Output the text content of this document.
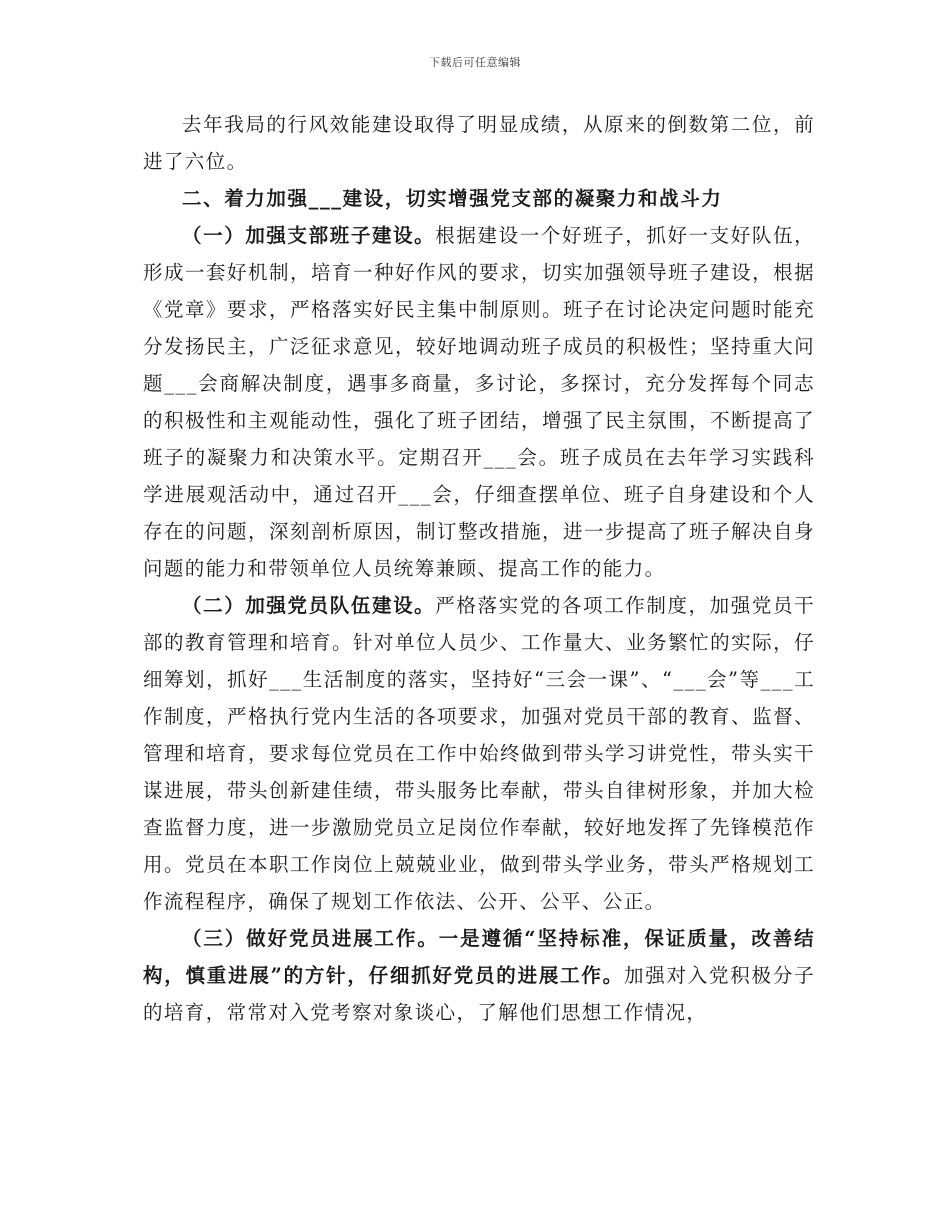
下载后可任意编辑

去年我局的行风效能建设取得了明显成绩，从原来的倒数第二位，前进了六位。

二、着力加强___建设，切实增强党支部的凝聚力和战斗力

（一）加强支部班子建设。根据建设一个好班子，抓好一支好队伍，形成一套好机制，培育一种好作风的要求，切实加强领导班子建设，根据《党章》要求，严格落实好民主集中制原则。班子在讨论决定问题时能充分发扬民主，广泛征求意见，较好地调动班子成员的积极性；坚持重大问题___会商解决制度，遇事多商量，多讨论，多探讨，充分发挥每个同志的积极性和主观能动性，强化了班子团结，增强了民主氛围，不断提高了班子的凝聚力和决策水平。定期召开___会。班子成员在去年学习实践科学进展观活动中，通过召开___会，仔细查摆单位、班子自身建设和个人存在的问题，深刻剖析原因，制订整改措施，进一步提高了班子解决自身问题的能力和带领单位人员统筹兼顾、提高工作的能力。

（二）加强党员队伍建设。严格落实党的各项工作制度，加强党员干部的教育管理和培育。针对单位人员少、工作量大、业务繁忙的实际，仔细筹划，抓好___生活制度的落实，坚持好“三会一课”、“___会”等___工作制度，严格执行党内生活的各项要求，加强对党员干部的教育、监督、管理和培育，要求每位党员在工作中始终做到带头学习讲党性，带头实干谋进展，带头创新建佳绩，带头服务比奉献，带头自律树形象，并加大检查监督力度，进一步激励党员立足岗位作奉献，较好地发挥了先锋模范作用。党员在本职工作岗位上兢兢业业，做到带头学业务，带头严格规划工作流程程序，确保了规划工作依法、公开、公平、公正。

（三）做好党员进展工作。一是遵循“坚持标准，保证质量，改善结构，慎重进展”的方针，仔细抓好党员的进展工作。加强对入党积极分子的培育，常常对入党考察对象谈心，了解他们思想工作情况，
